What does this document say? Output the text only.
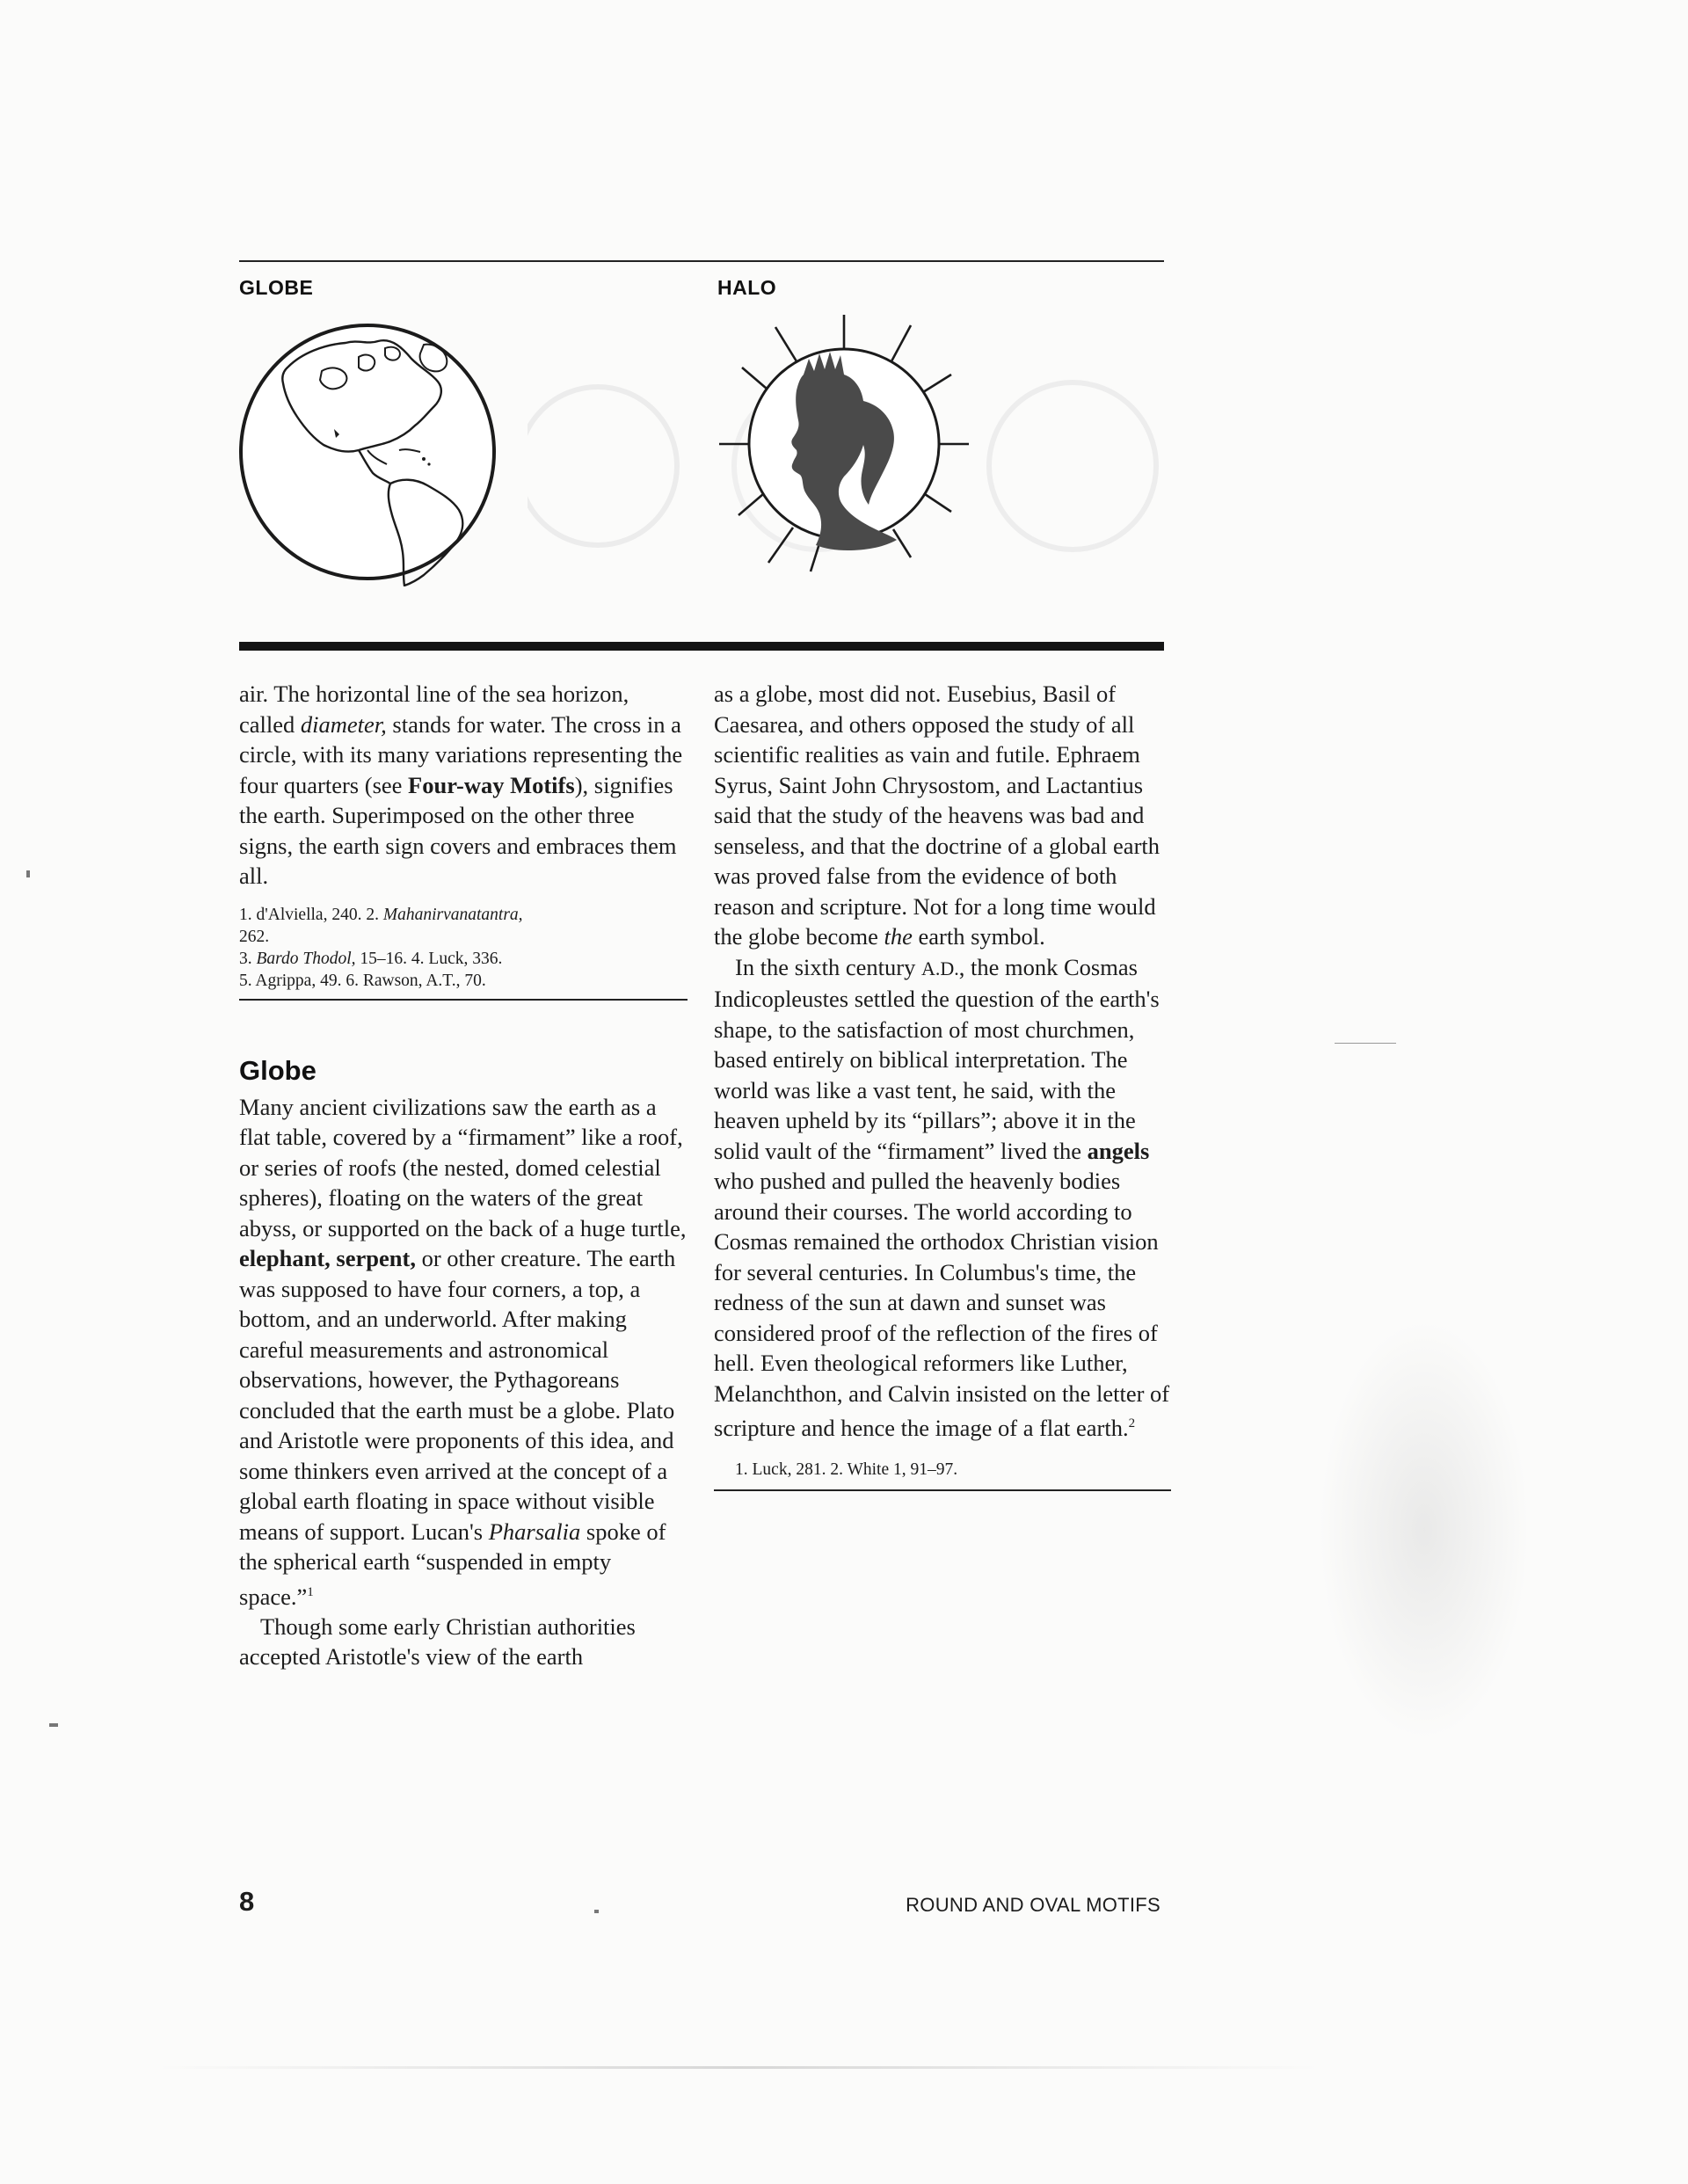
GLOBE	HALO

air. The horizontal line of the sea horizon, called diameter, stands for water. The cross in a circle, with its many variations representing the four quarters (see Four-way Motifs), signifies the earth. Superimposed on the other three signs, the earth sign covers and embraces them all.

1. d'Alviella, 240. 2. Mahanirvanatantra,
262.
3. Bardo Thodol, 15–16. 4. Luck, 336.
5. Agrippa, 49. 6. Rawson, A.T., 70.
Globe

Many ancient civilizations saw the earth as a flat table, covered by a “firmament” like a roof, or series of roofs (the nested, domed celestial spheres), floating on the waters of the great abyss, or supported on the back of a huge turtle, elephant, serpent, or other creature. The earth was supposed to have four corners, a top, a bottom, and an underworld. After making careful measurements and astronomical observations, however, the Pythagoreans concluded that the earth must be a globe. Plato and Aristotle were proponents of this idea, and some thinkers even arrived at the concept of a global earth floating in space without visible means of support. Lucan's Pharsalia spoke of the spherical earth “suspended in empty space.”$^1$

Though some early Christian authorities accepted Aristotle's view of the earth

as a globe, most did not. Eusebius, Basil of Caesarea, and others opposed the study of all scientific realities as vain and futile. Ephraem Syrus, Saint John Chrysostom, and Lactantius said that the study of the heavens was bad and senseless, and that the doctrine of a global earth was proved false from the evidence of both reason and scripture. Not for a long time would the globe become the earth symbol.

In the sixth century A.D., the monk Cosmas Indicopleustes settled the question of the earth's shape, to the satisfaction of most churchmen, based entirely on biblical interpretation. The world was like a vast tent, he said, with the heaven upheld by its “pillars”; above it in the solid vault of the “firmament” lived the angels who pushed and pulled the heavenly bodies around their courses. The world according to Cosmas remained the orthodox Christian vision for several centuries. In Columbus's time, the redness of the sun at dawn and sunset was considered proof of the reflection of the fires of hell. Even theological reformers like Luther, Melanchthon, and Calvin insisted on the letter of scripture and hence the image of a flat earth.$^2$

1. Luck, 281. 2. White 1, 91–97.
8	ROUND AND OVAL MOTIFS
